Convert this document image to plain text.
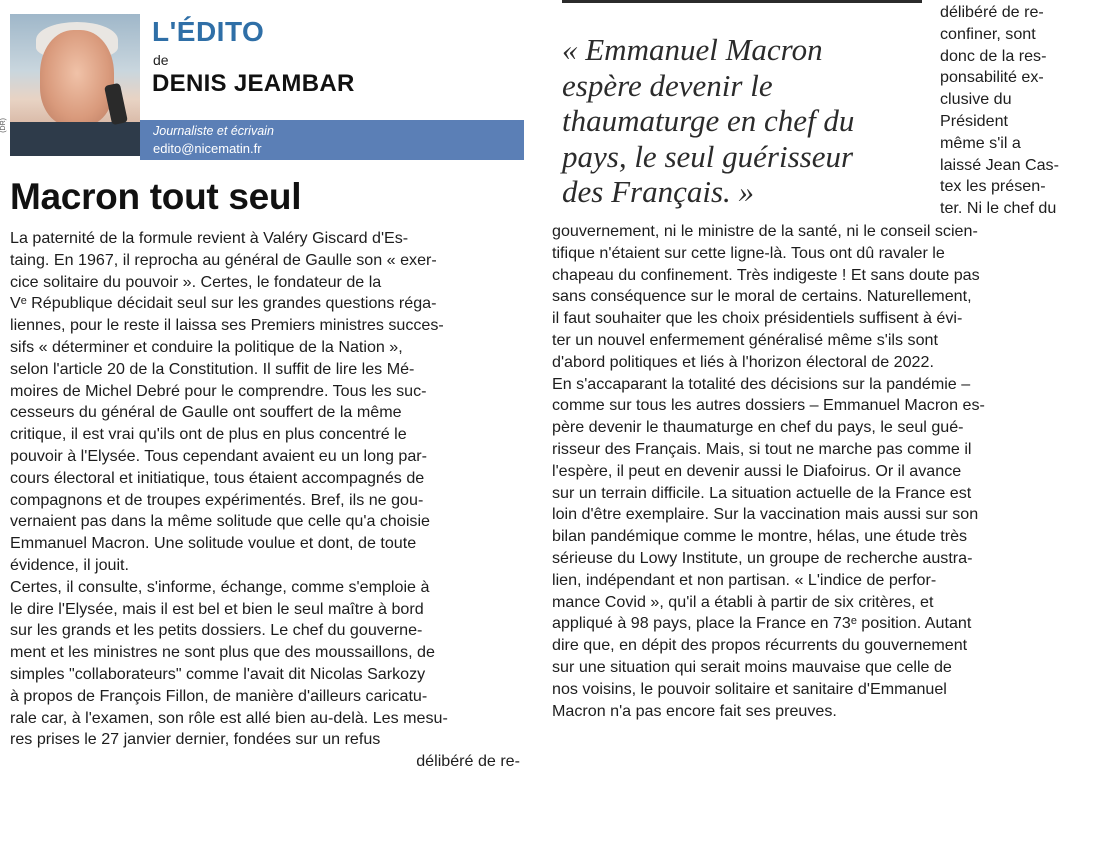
(DR)
L'ÉDITO
de
DENIS JEAMBAR
Journaliste et écrivain
edito@nicematin.fr
Macron tout seul
La paternité de la formule revient à Valéry Giscard d'Es-
taing. En 1967, il reprocha au général de Gaulle son « exer-
cice solitaire du pouvoir ». Certes, le fondateur de la
Vᵉ République décidait seul sur les grandes questions réga-
liennes, pour le reste il laissa ses Premiers ministres succes-
sifs « déterminer et conduire la politique de la Nation »,
selon l'article 20 de la Constitution. Il suffit de lire les Mé-
moires de Michel Debré pour le comprendre. Tous les suc-
cesseurs du général de Gaulle ont souffert de la même
critique, il est vrai qu'ils ont de plus en plus concentré le
pouvoir à l'Elysée. Tous cependant avaient eu un long par-
cours électoral et initiatique, tous étaient accompagnés de
compagnons et de troupes expérimentés. Bref, ils ne gou-
vernaient pas dans la même solitude que celle qu'a choisie
Emmanuel Macron. Une solitude voulue et dont, de toute
évidence, il jouit.
Certes, il consulte, s'informe, échange, comme s'emploie à
le dire l'Elysée, mais il est bel et bien le seul maître à bord
sur les grands et les petits dossiers. Le chef du gouverne-
ment et les ministres ne sont plus que des moussaillons, de
simples "collaborateurs" comme l'avait dit Nicolas Sarkozy
à propos de François Fillon, de manière d'ailleurs caricatu-
rale car, à l'examen, son rôle est allé bien au-delà. Les mesu-
res prises le 27 janvier dernier, fondées sur un refus
délibéré de re-
« Emmanuel Macron
espère devenir le
thaumaturge en chef du
pays, le seul guérisseur
des Français. »
délibéré de re-
confiner, sont
donc de la res-
ponsabilité ex-
clusive du
Président
même s'il a
laissé Jean Cas-
tex les présen-
ter. Ni le chef du
gouvernement, ni le ministre de la santé, ni le conseil scien-
tifique n'étaient sur cette ligne-là. Tous ont dû ravaler le
chapeau du confinement. Très indigeste ! Et sans doute pas
sans conséquence sur le moral de certains. Naturellement,
il faut souhaiter que les choix présidentiels suffisent à évi-
ter un nouvel enfermement généralisé même s'ils sont
d'abord politiques et liés à l'horizon électoral de 2022.
En s'accaparant la totalité des décisions sur la pandémie –
comme sur tous les autres dossiers – Emmanuel Macron es-
père devenir le thaumaturge en chef du pays, le seul gué-
risseur des Français. Mais, si tout ne marche pas comme il
l'espère, il peut en devenir aussi le Diafoirus. Or il avance
sur un terrain difficile. La situation actuelle de la France est
loin d'être exemplaire. Sur la vaccination mais aussi sur son
bilan pandémique comme le montre, hélas, une étude très
sérieuse du Lowy Institute, un groupe de recherche austra-
lien, indépendant et non partisan. « L'indice de perfor-
mance Covid », qu'il a établi à partir de six critères, et
appliqué à 98 pays, place la France en 73ᵉ position. Autant
dire que, en dépit des propos récurrents du gouvernement
sur une situation qui serait moins mauvaise que celle de
nos voisins, le pouvoir solitaire et sanitaire d'Emmanuel
Macron n'a pas encore fait ses preuves.
